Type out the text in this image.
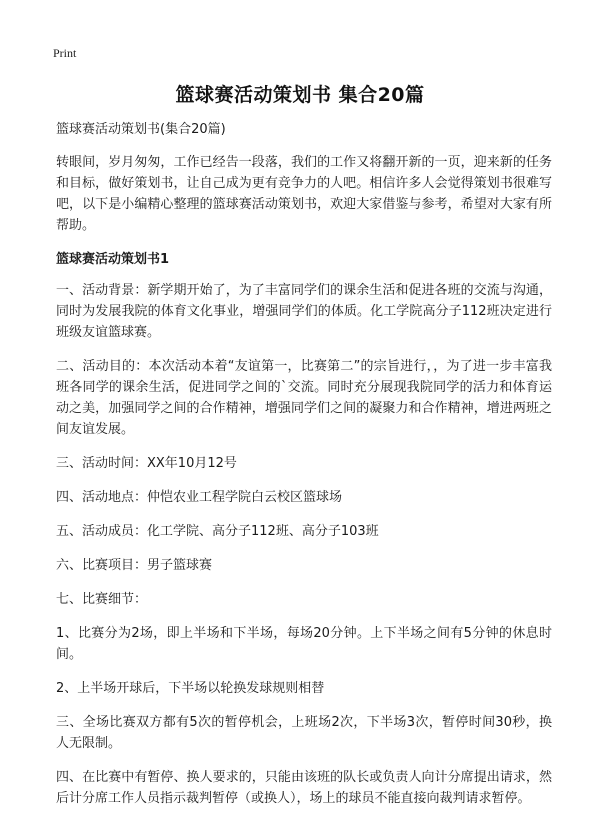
Print
篮球赛活动策划书 集合20篇

篮球赛活动策划书(集合20篇)

转眼间，岁月匆匆，工作已经告一段落，我们的工作又将翻开新的一页，迎来新的任务和目标，做好策划书，让自己成为更有竞争力的人吧。相信许多人会觉得策划书很难写吧，以下是小编精心整理的篮球赛活动策划书，欢迎大家借鉴与参考，希望对大家有所帮助。

篮球赛活动策划书1

一、活动背景：新学期开始了，为了丰富同学们的课余生活和促进各班的交流与沟通，同时为发展我院的体育文化事业，增强同学们的体质。化工学院高分子112班决定进行班级友谊篮球赛。

二、活动目的：本次活动本着“友谊第一，比赛第二”的宗旨进行，，为了进一步丰富我班各同学的课余生活，促进同学之间的`交流。同时充分展现我院同学的活力和体育运动之美，加强同学之间的合作精神，增强同学们之间的凝聚力和合作精神，增进两班之间友谊发展。

三、活动时间：XX年10月12号

四、活动地点：仲恺农业工程学院白云校区篮球场

五、活动成员：化工学院、高分子112班、高分子103班

六、比赛项目：男子篮球赛

七、比赛细节：

1、比赛分为2场，即上半场和下半场，每场20分钟。上下半场之间有5分钟的休息时间。

2、上半场开球后，下半场以轮换发球规则相替

三、全场比赛双方都有5次的暂停机会，上班场2次，下半场3次，暂停时间30秒，换人无限制。

四、在比赛中有暂停、换人要求的，只能由该班的队长或负责人向计分席提出请求，然后计分席工作人员指示裁判暂停（或换人），场上的球员不能直接向裁判请求暂停。
